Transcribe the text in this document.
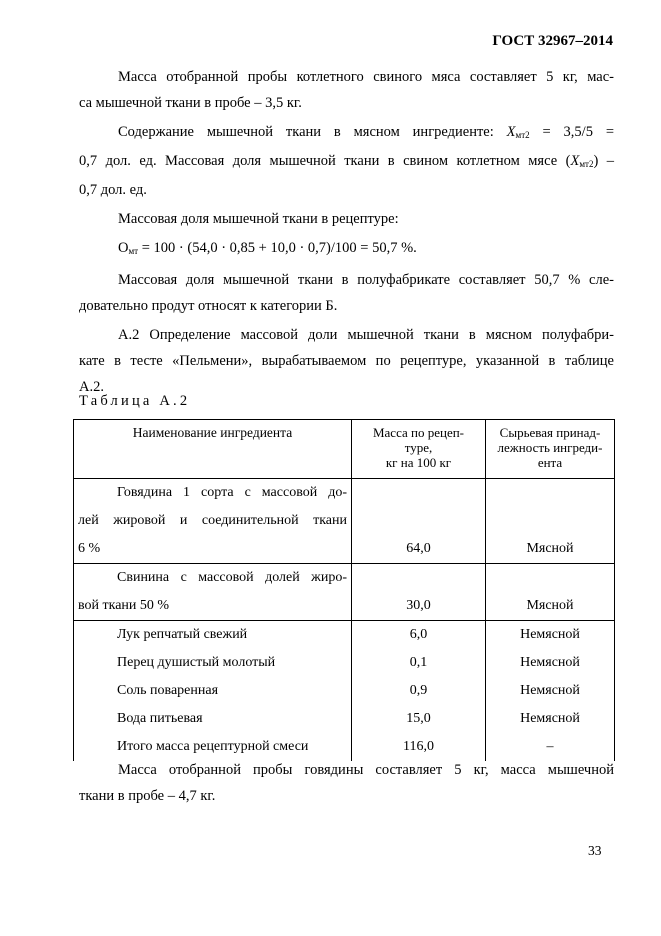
ГОСТ 32967–2014

Масса отобранной пробы котлетного свиного мяса составляет 5 кг, мас-
са мышечной ткани в пробе – 3,5 кг.

Содержание мышечной ткани в мясном ингредиенте: $X_{мт2} = 3,5/5$ =
0,7 дол. ед. Массовая доля мышечной ткани в свином котлетном мясе $(X_{мт2})$ –
0,7 дол. ед.

Массовая доля мышечной ткани в рецептуре:

$О_{мт} = 100 \cdot (54,0 \cdot 0,85 + 10,0 \cdot 0,7)/100 = 50,7$ %.

Массовая доля мышечной ткани в полуфабрикате составляет 50,7 % сле-
довательно продут относят к категории Б.

А.2 Определение массовой доли мышечной ткани в мясном полуфабри-
кате в тесте «Пельмени», вырабатываемом по рецептуре, указанной в таблице
А.2.

Таблица А.2
Наименование ингредиента	Масса по рецеп-
туре,
кг на 100 кг	Сырьевая принад-
лежность ингреди-
ента

Говядина 1 сорта с массовой до-
лей жировой и соединительной ткани
6 %	64,0	Мясной

Свинина с массовой долей жиро-
вой ткани 50 %	30,0	Мясной
Лук репчатый свежий	6,0	Немясной
Перец душистый молотый	0,1	Немясной
Соль поваренная	0,9	Немясной
Вода питьевая	15,0	Немясной
Итого масса рецептурной смеси	116,0	–
Масса отобранной пробы говядины составляет 5 кг, масса мышечной
ткани в пробе – 4,7 кг.
33
